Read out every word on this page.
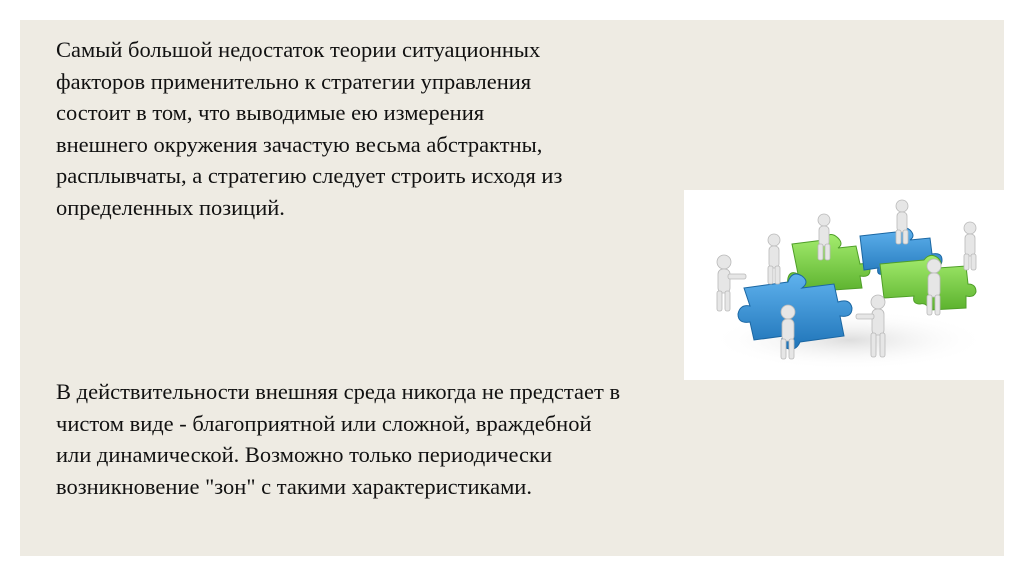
Самый большой недостаток теории ситуационных
факторов применительно к стратегии управления
состоит в том, что выводимые ею измерения
внешнего окружения зачастую весьма абстрактны,
расплывчаты, а стратегию следует строить исходя из
определенных позиций.

В действительности внешняя среда никогда не предстает в
чистом виде - благоприятной или сложной, враждебной
или динамической. Возможно только периодически
возникновение "зон" с такими характеристиками.
